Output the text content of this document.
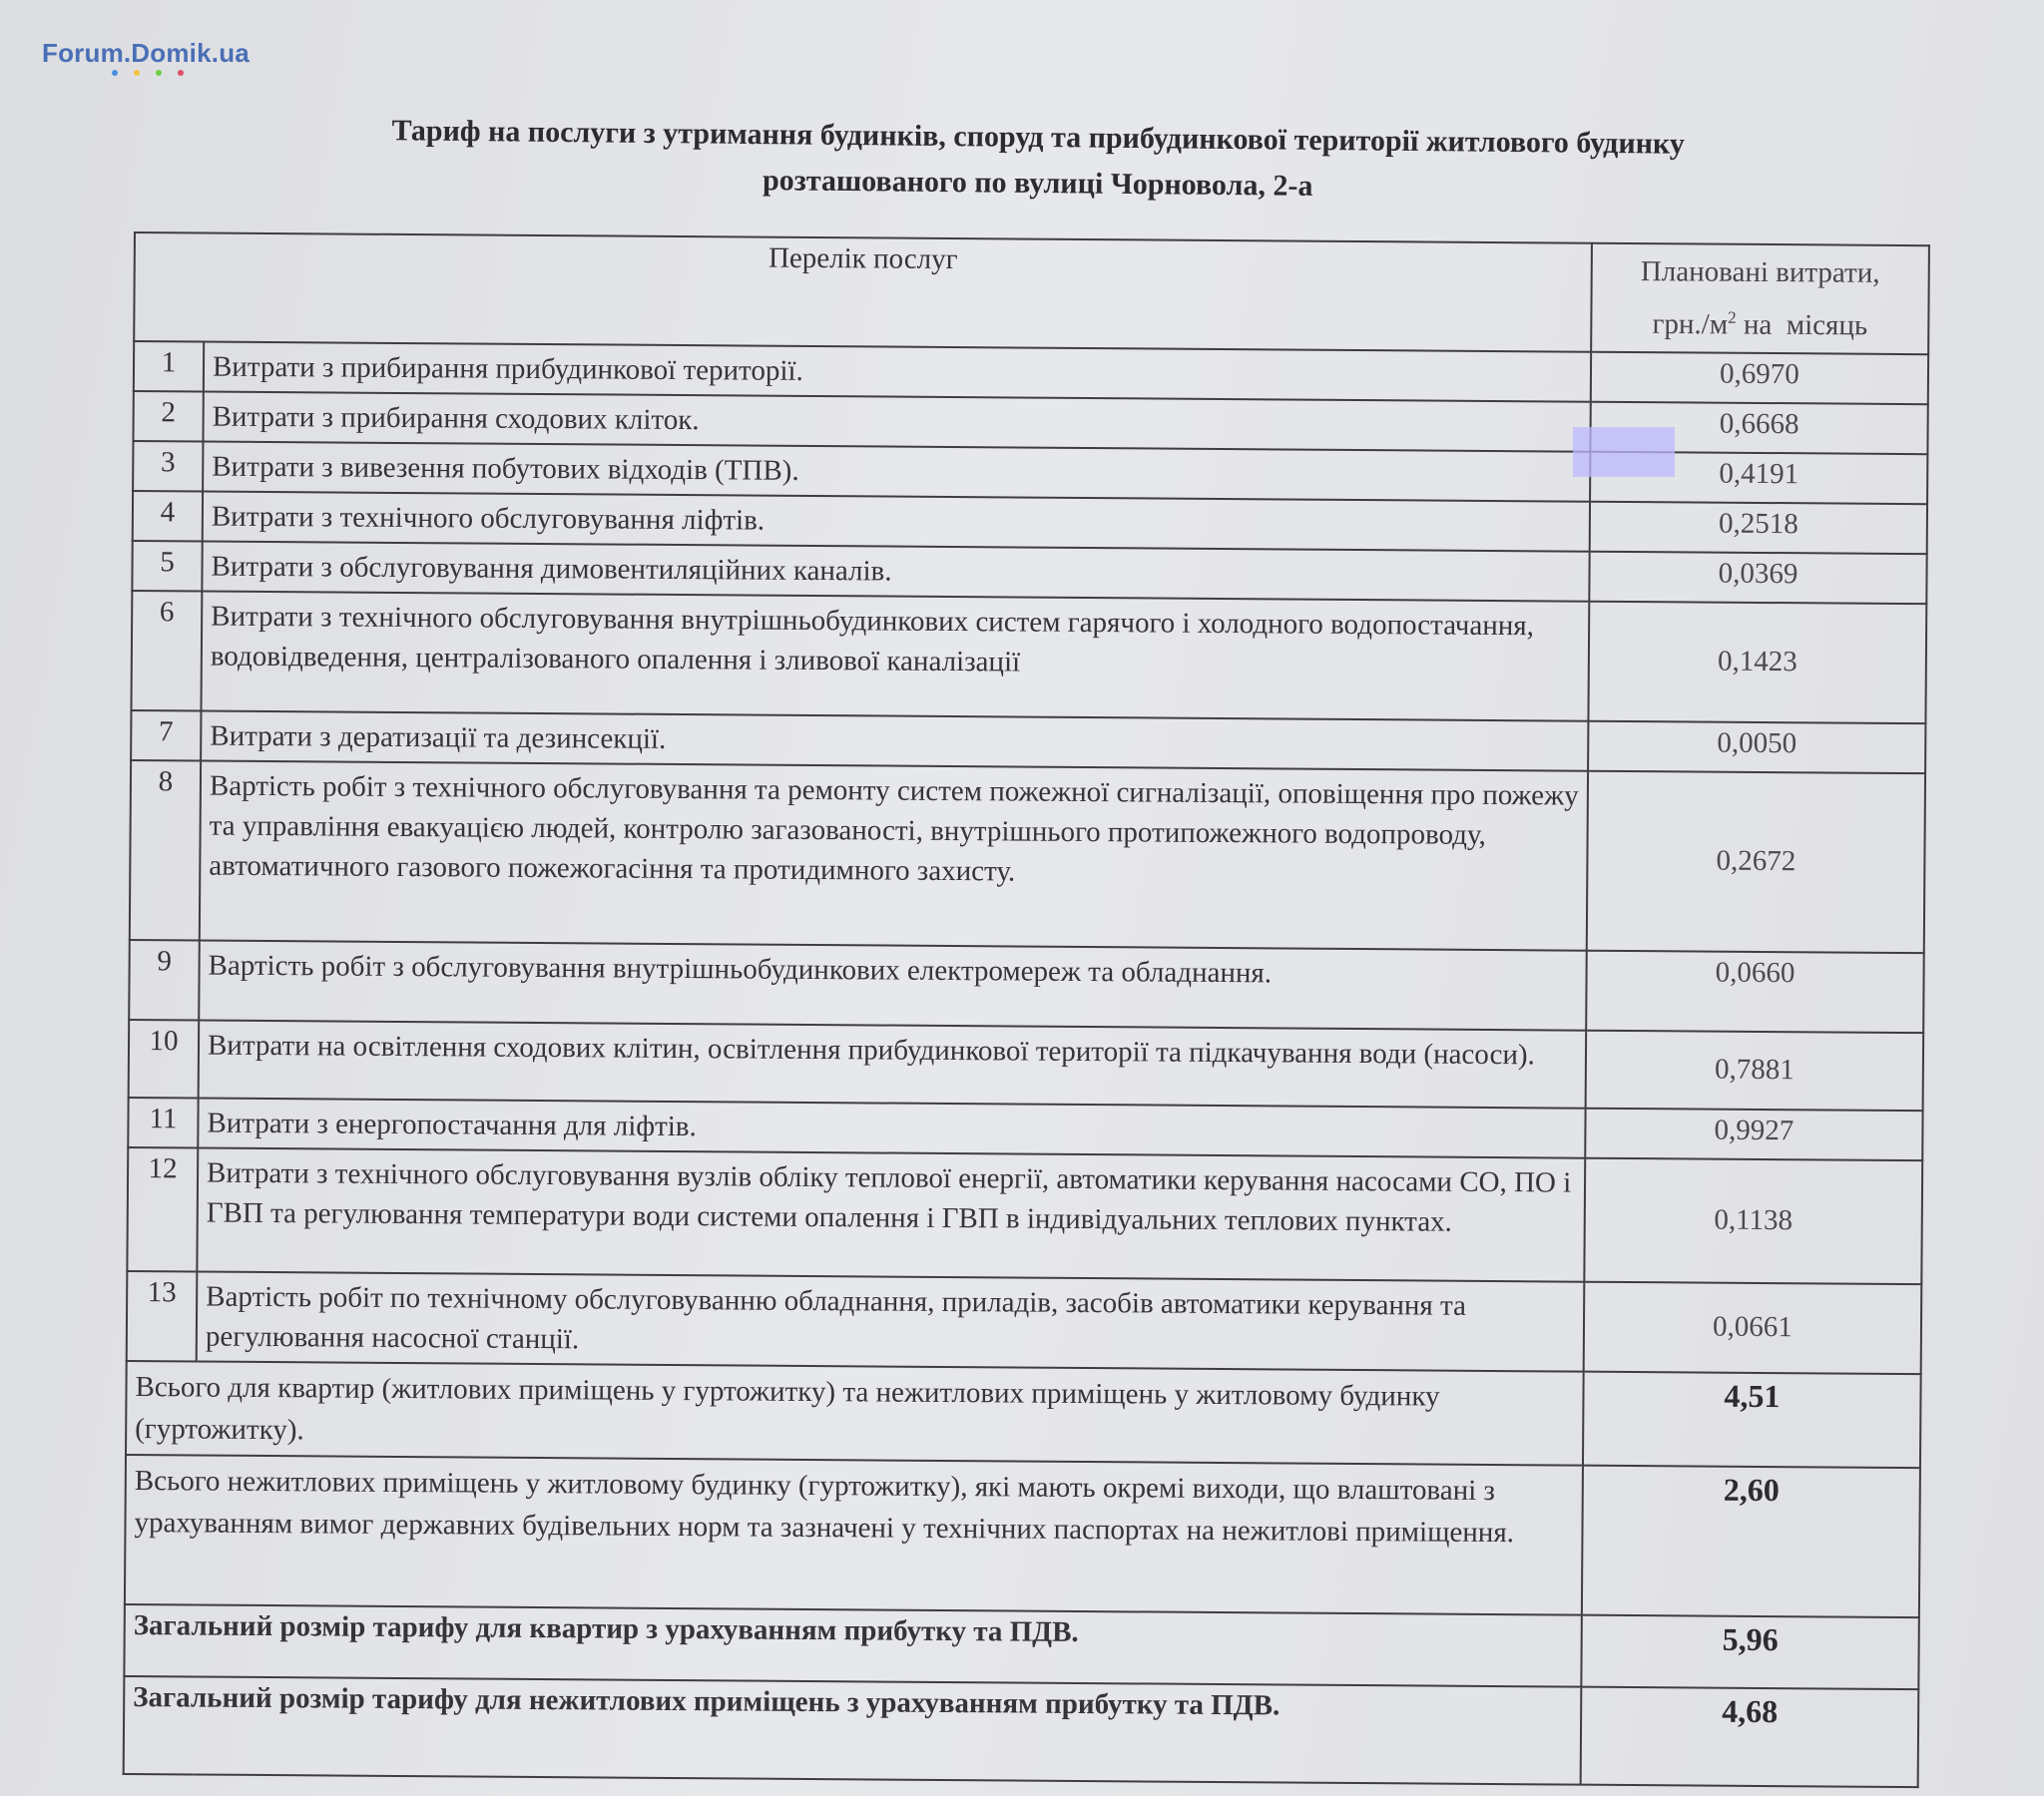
Forum.Domik.ua
Тариф на послуги з утримання будинків, споруд та прибудинкової території житлового будинку
розташованого по вулиці Чорновола, 2-а
Перелік послуг		Плановані витрати,
$грн./м^2$ на  місяць
1	Витрати з прибирання прибудинкової території.	0,6970
2	Витрати з прибирання сходових кліток.	0,6668
3	Витрати з вивезення побутових відходів (ТПВ).	0,4191
4	Витрати з технічного обслуговування ліфтів.	0,2518
5	Витрати з обслуговування димовентиляційних каналів.	0,0369
6	Витрати з технічного обслуговування внутрішньобудинкових систем гарячого і холодного водопостачання, водовідведення, централізованого опалення і зливової каналізації	0,1423
7	Витрати з дератизації та дезинсекції.	0,0050
8	Вартість робіт з технічного обслуговування та ремонту систем пожежної сигналізації, оповіщення про пожежу та управління евакуацією людей, контролю загазованості, внутрішнього протипожежного водопроводу, автоматичного газового пожежогасіння та протидимного захисту.	0,2672
9	Вартість робіт з обслуговування внутрішньобудинкових електромереж та обладнання.	0,0660
10	Витрати на освітлення сходових клітин, освітлення прибудинкової території та підкачування води (насоси).	0,7881
11	Витрати з енергопостачання для ліфтів.	0,9927
12	Витрати з технічного обслуговування вузлів обліку теплової енергії, автоматики керування насосами СО, ПО і ГВП та регулювання температури води системи опалення і ГВП в індивідуальних теплових пунктах.	0,1138
13	Вартість робіт по технічному обслуговуванню обладнання, приладів, засобів автоматики керування та регулювання насосної станції.	0,0661
Всього для квартир (житлових приміщень у гуртожитку) та нежитлових приміщень у житловому будинку (гуртожитку).		4,51
Всього нежитлових приміщень у житловому будинку (гуртожитку), які мають окремі виходи, що влаштовані з урахуванням вимог державних будівельних норм та зазначені у технічних паспортах на нежитлові приміщення.		2,60
Загальний розмір тарифу для квартир з урахуванням прибутку та ПДВ.		5,96
Загальний розмір тарифу для нежитлових приміщень з урахуванням прибутку та ПДВ.		4,68
